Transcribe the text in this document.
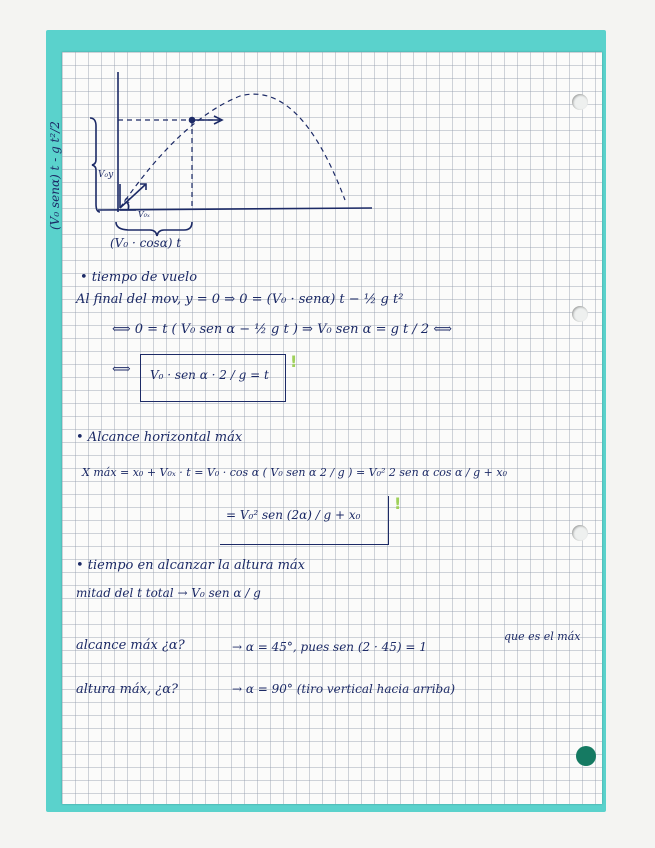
(V₀ senα) t - g t²/2	V₀y
V₀ₓ
α
(V₀ · cosα) t
• tiempo de vuelo
Al final del mov, y = 0 ⇒ 0 = (V₀ · senα) t − ½ g t²
⟺ 0 = t ( V₀ sen α − ½ g t ) ⇒ V₀ sen α = g t / 2 ⟺
⟺ V₀ · sen α · 2 / g = t
!
• Alcance horizontal máx
X máx = x₀ + V₀ₓ · t = V₀ · cos α ( V₀ sen α 2 / g ) = V₀² 2 sen α cos α / g + x₀
= V₀² sen (2α) / g + x₀
!
• tiempo en alcanzar la altura máx
mitad del t total → V₀ sen α / g
alcance máx ¿α?	→ α = 45°, pues sen (2 · 45) = 1
que es el máx
altura máx, ¿α?	→ α = 90° (tiro vertical hacia arriba)
